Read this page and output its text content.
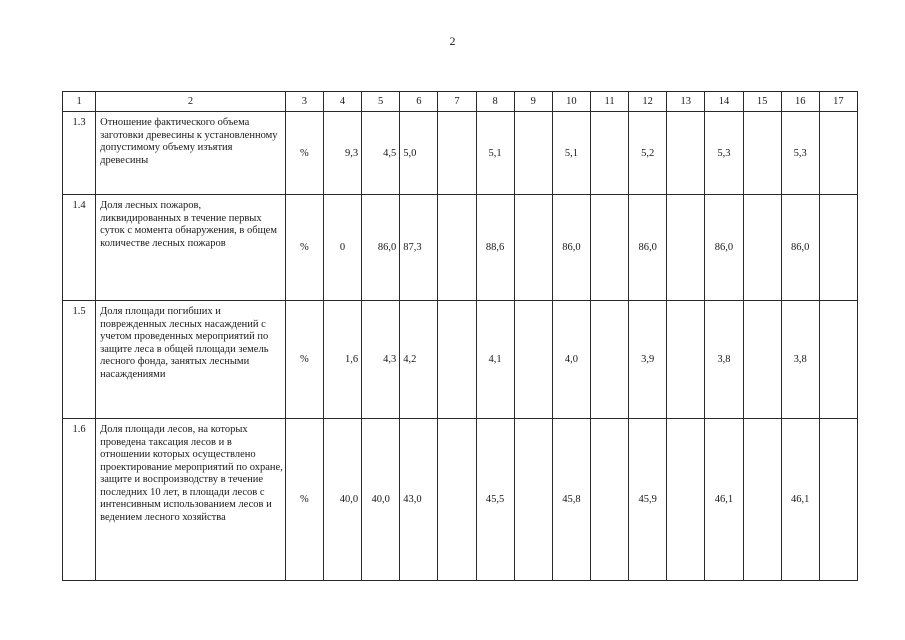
2
1	2	3	4	5	6	7	8	9	10	11	12	13	14	15	16	17
1.3	Отношение фактического объема заготовки древесины к установленному допустимому объему изъятия древесины	%	9,3	4,5	5,0		5,1		5,1		5,2		5,3		5,3	
1.4	Доля лесных пожаров, ликвидированных в течение первых суток с момента обнаружения, в общем количестве лесных пожаров	%	0	86,0	87,3		88,6		86,0		86,0		86,0		86,0	
1.5	Доля площади погибших и поврежденных лесных насаждений с учетом проведенных мероприятий по защите леса в общей площади земель лесного фонда, занятых лесными насаждениями	%	1,6	4,3	4,2		4,1		4,0		3,9		3,8		3,8	
1.6	Доля площади лесов, на которых проведена таксация лесов и в отношении которых осуществлено проектирование мероприятий по охране, защите и воспроизводству в течение последних 10 лет, в площади лесов с интенсивным использованием лесов и ведением лесного хозяйства	%	40,0	40,0	43,0		45,5		45,8		45,9		46,1		46,1	
